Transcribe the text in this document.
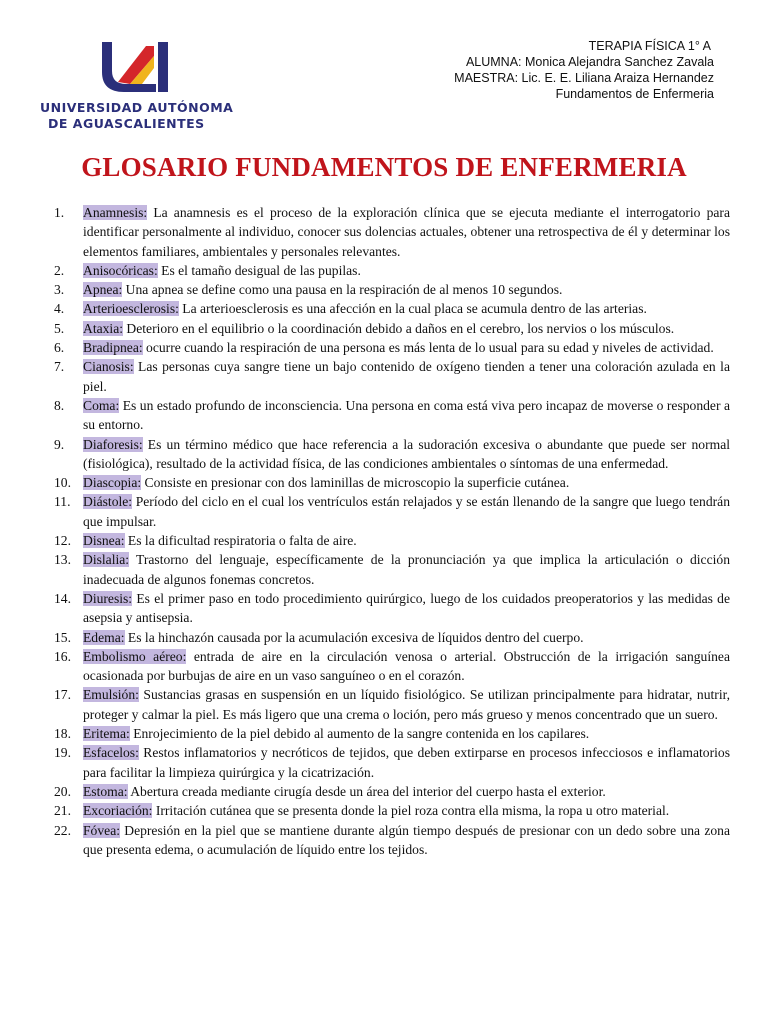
UNIVERSIDAD AUTÓNOMA
DE AGUASCALIENTES
TERAPIA FÍSICA 1° A
ALUMNA: Monica Alejandra Sanchez Zavala
MAESTRA: Lic. E. E. Liliana Araiza Hernandez
Fundamentos de Enfermeria
GLOSARIO FUNDAMENTOS DE ENFERMERIA
1.	Anamnesis: La anamnesis es el proceso de la exploración clínica que se ejecuta mediante el interrogatorio para identificar personalmente al individuo, conocer sus dolencias actuales, obtener una retrospectiva de él y determinar los elementos familiares, ambientales y personales relevantes.
2.	Anisocóricas: Es el tamaño desigual de las pupilas.
3.	Apnea: Una apnea se define como una pausa en la respiración de al menos 10 segundos.
4.	Arterioesclerosis: La arterioesclerosis es una afección en la cual placa se acumula dentro de las arterias.
5.	Ataxia: Deterioro en el equilibrio o la coordinación debido a daños en el cerebro, los nervios o los músculos.
6.	Bradipnea: ocurre cuando la respiración de una persona es más lenta de lo usual para su edad y niveles de actividad.
7.	Cianosis: Las personas cuya sangre tiene un bajo contenido de oxígeno tienden a tener una coloración azulada en la piel.
8.	Coma: Es un estado profundo de inconsciencia. Una persona en coma está viva pero incapaz de moverse o responder a su entorno.
9.	Diaforesis: Es un término médico que hace referencia a la sudoración excesiva o abundante que puede ser normal (fisiológica), resultado de la actividad física, de las condiciones ambientales o síntomas de una enfermedad.
10. Diascopia: Consiste en presionar con dos laminillas de microscopio la superficie cutánea.
11. Diástole: Período del ciclo en el cual los ventrículos están relajados y se están llenando de la sangre que luego tendrán que impulsar.
12. Disnea: Es la dificultad respiratoria o falta de aire.
13. Dislalia: Trastorno del lenguaje, específicamente de la pronunciación ya que implica la articulación o dicción inadecuada de algunos fonemas concretos.
14. Diuresis: Es el primer paso en todo procedimiento quirúrgico, luego de los cuidados preoperatorios y las medidas de asepsia y antisepsia.
15. Edema: Es la hinchazón causada por la acumulación excesiva de líquidos dentro del cuerpo.
16. Embolismo aéreo: entrada de aire en la circulación venosa o arterial. Obstrucción de la irrigación sanguínea ocasionada por burbujas de aire en un vaso sanguíneo o en el corazón.
17. Emulsión: Sustancias grasas en suspensión en un líquido fisiológico. Se utilizan principalmente para hidratar, nutrir, proteger y calmar la piel. Es más ligero que una crema o loción, pero más grueso y menos concentrado que un suero.
18. Eritema: Enrojecimiento de la piel debido al aumento de la sangre contenida en los capilares.
19. Esfacelos: Restos inflamatorios y necróticos de tejidos, que deben extirparse en procesos infecciosos e inflamatorios para facilitar la limpieza quirúrgica y la cicatrización.
20. Estoma: Abertura creada mediante cirugía desde un área del interior del cuerpo hasta el exterior.
21. Excoriación: Irritación cutánea que se presenta donde la piel roza contra ella misma, la ropa u otro material.
22. Fóvea: Depresión en la piel que se mantiene durante algún tiempo después de presionar con un dedo sobre una zona que presenta edema, o acumulación de líquido entre los tejidos.
